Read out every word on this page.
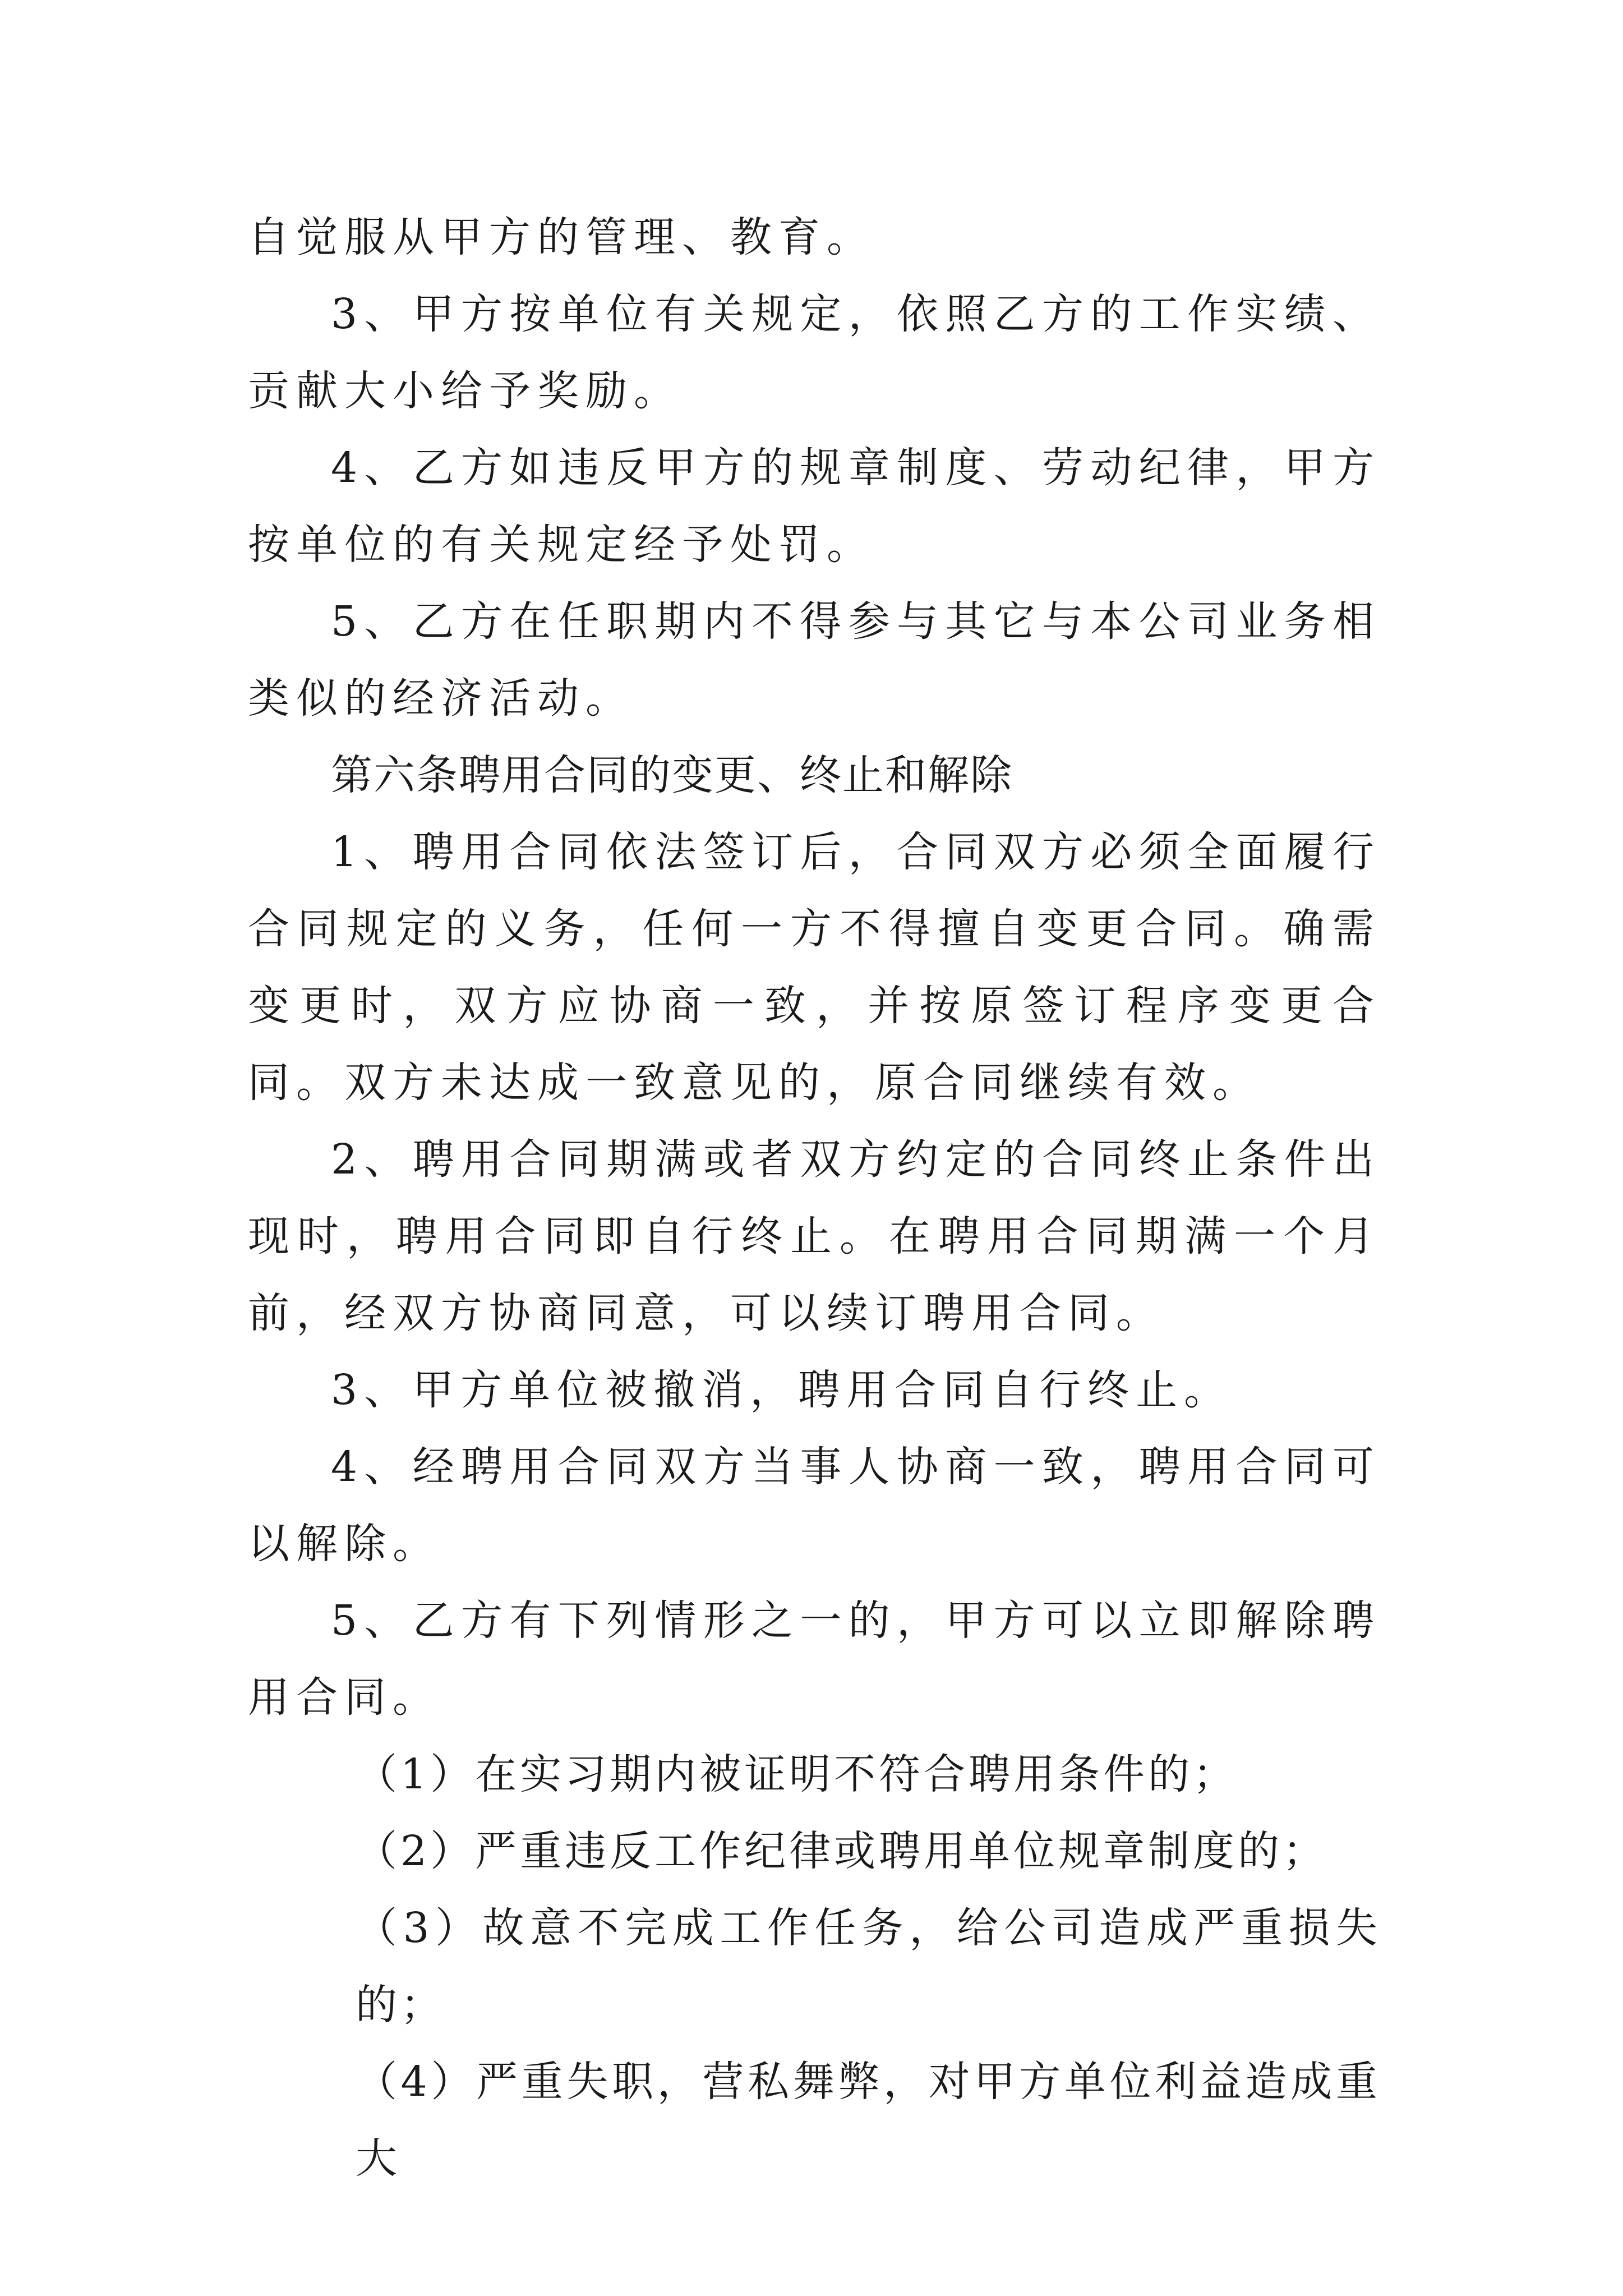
自觉服从甲方的管理、教育。

3、甲方按单位有关规定，依照乙方的工作实绩、贡献大小给予奖励。

4、乙方如违反甲方的规章制度、劳动纪律，甲方按单位的有关规定经予处罚。

5、乙方在任职期内不得参与其它与本公司业务相类似的经济活动。

第六条聘用合同的变更、终止和解除

1、聘用合同依法签订后，合同双方必须全面履行合同规定的义务，任何一方不得擅自变更合同。确需变更时，双方应协商一致，并按原签订程序变更合同。双方未达成一致意见的，原合同继续有效。

2、聘用合同期满或者双方约定的合同终止条件出现时，聘用合同即自行终止。在聘用合同期满一个月前，经双方协商同意，可以续订聘用合同。

3、甲方单位被撤消，聘用合同自行终止。

4、经聘用合同双方当事人协商一致，聘用合同可以解除。

5、乙方有下列情形之一的，甲方可以立即解除聘用合同。

（1）在实习期内被证明不符合聘用条件的；

（2）严重违反工作纪律或聘用单位规章制度的；

（3）故意不完成工作任务，给公司造成严重损失的；

（4）严重失职，营私舞弊，对甲方单位利益造成重大
